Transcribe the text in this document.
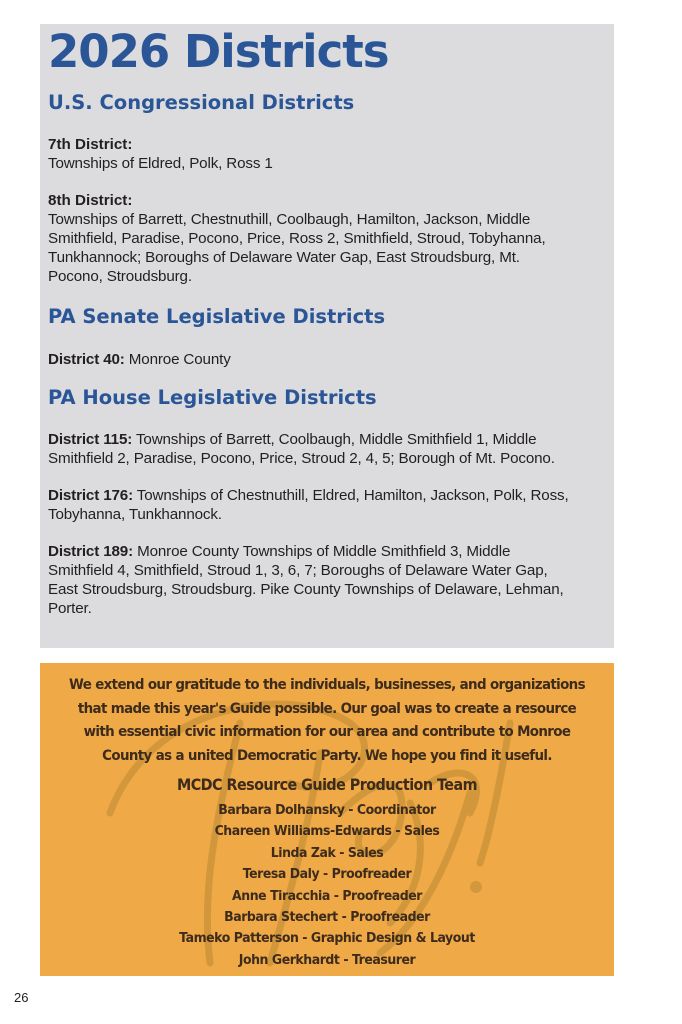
2026 Districts
U.S. Congressional Districts

7th District:

Townships of Eldred, Polk, Ross 1

8th District:

Townships of Barrett, Chestnuthill, Coolbaugh, Hamilton, Jackson, Middle

Smithfield, Paradise, Pocono, Price, Ross 2, Smithfield, Stroud, Tobyhanna,

Tunkhannock; Boroughs of Delaware Water Gap, East Stroudsburg, Mt.

Pocono, Stroudsburg.

PA Senate Legislative Districts

District 40: Monroe County

PA House Legislative Districts

District 115: Townships of Barrett, Coolbaugh, Middle Smithfield 1, Middle

Smithfield 2, Paradise, Pocono, Price, Stroud 2, 4, 5; Borough of Mt. Pocono.

District 176: Townships of Chestnuthill, Eldred, Hamilton, Jackson, Polk, Ross,

Tobyhanna, Tunkhannock.

District 189: Monroe County Townships of Middle Smithfield 3, Middle

Smithfield 4, Smithfield, Stroud 1, 3, 6, 7; Boroughs of Delaware Water Gap,

East Stroudsburg, Stroudsburg. Pike County Townships of Delaware, Lehman,

Porter.

We extend our gratitude to the individuals, businesses, and organizations
that made this year's Guide possible. Our goal was to create a resource
with essential civic information for our area and contribute to Monroe
County as a united Democratic Party. We hope you find it useful.
MCDC Resource Guide Production Team
Barbara Dolhansky - Coordinator
Chareen Williams-Edwards - Sales
Linda Zak - Sales
Teresa Daly - Proofreader
Anne Tiracchia - Proofreader
Barbara Stechert - Proofreader
Tameko Patterson - Graphic Design & Layout
John Gerkhardt - Treasurer
26
